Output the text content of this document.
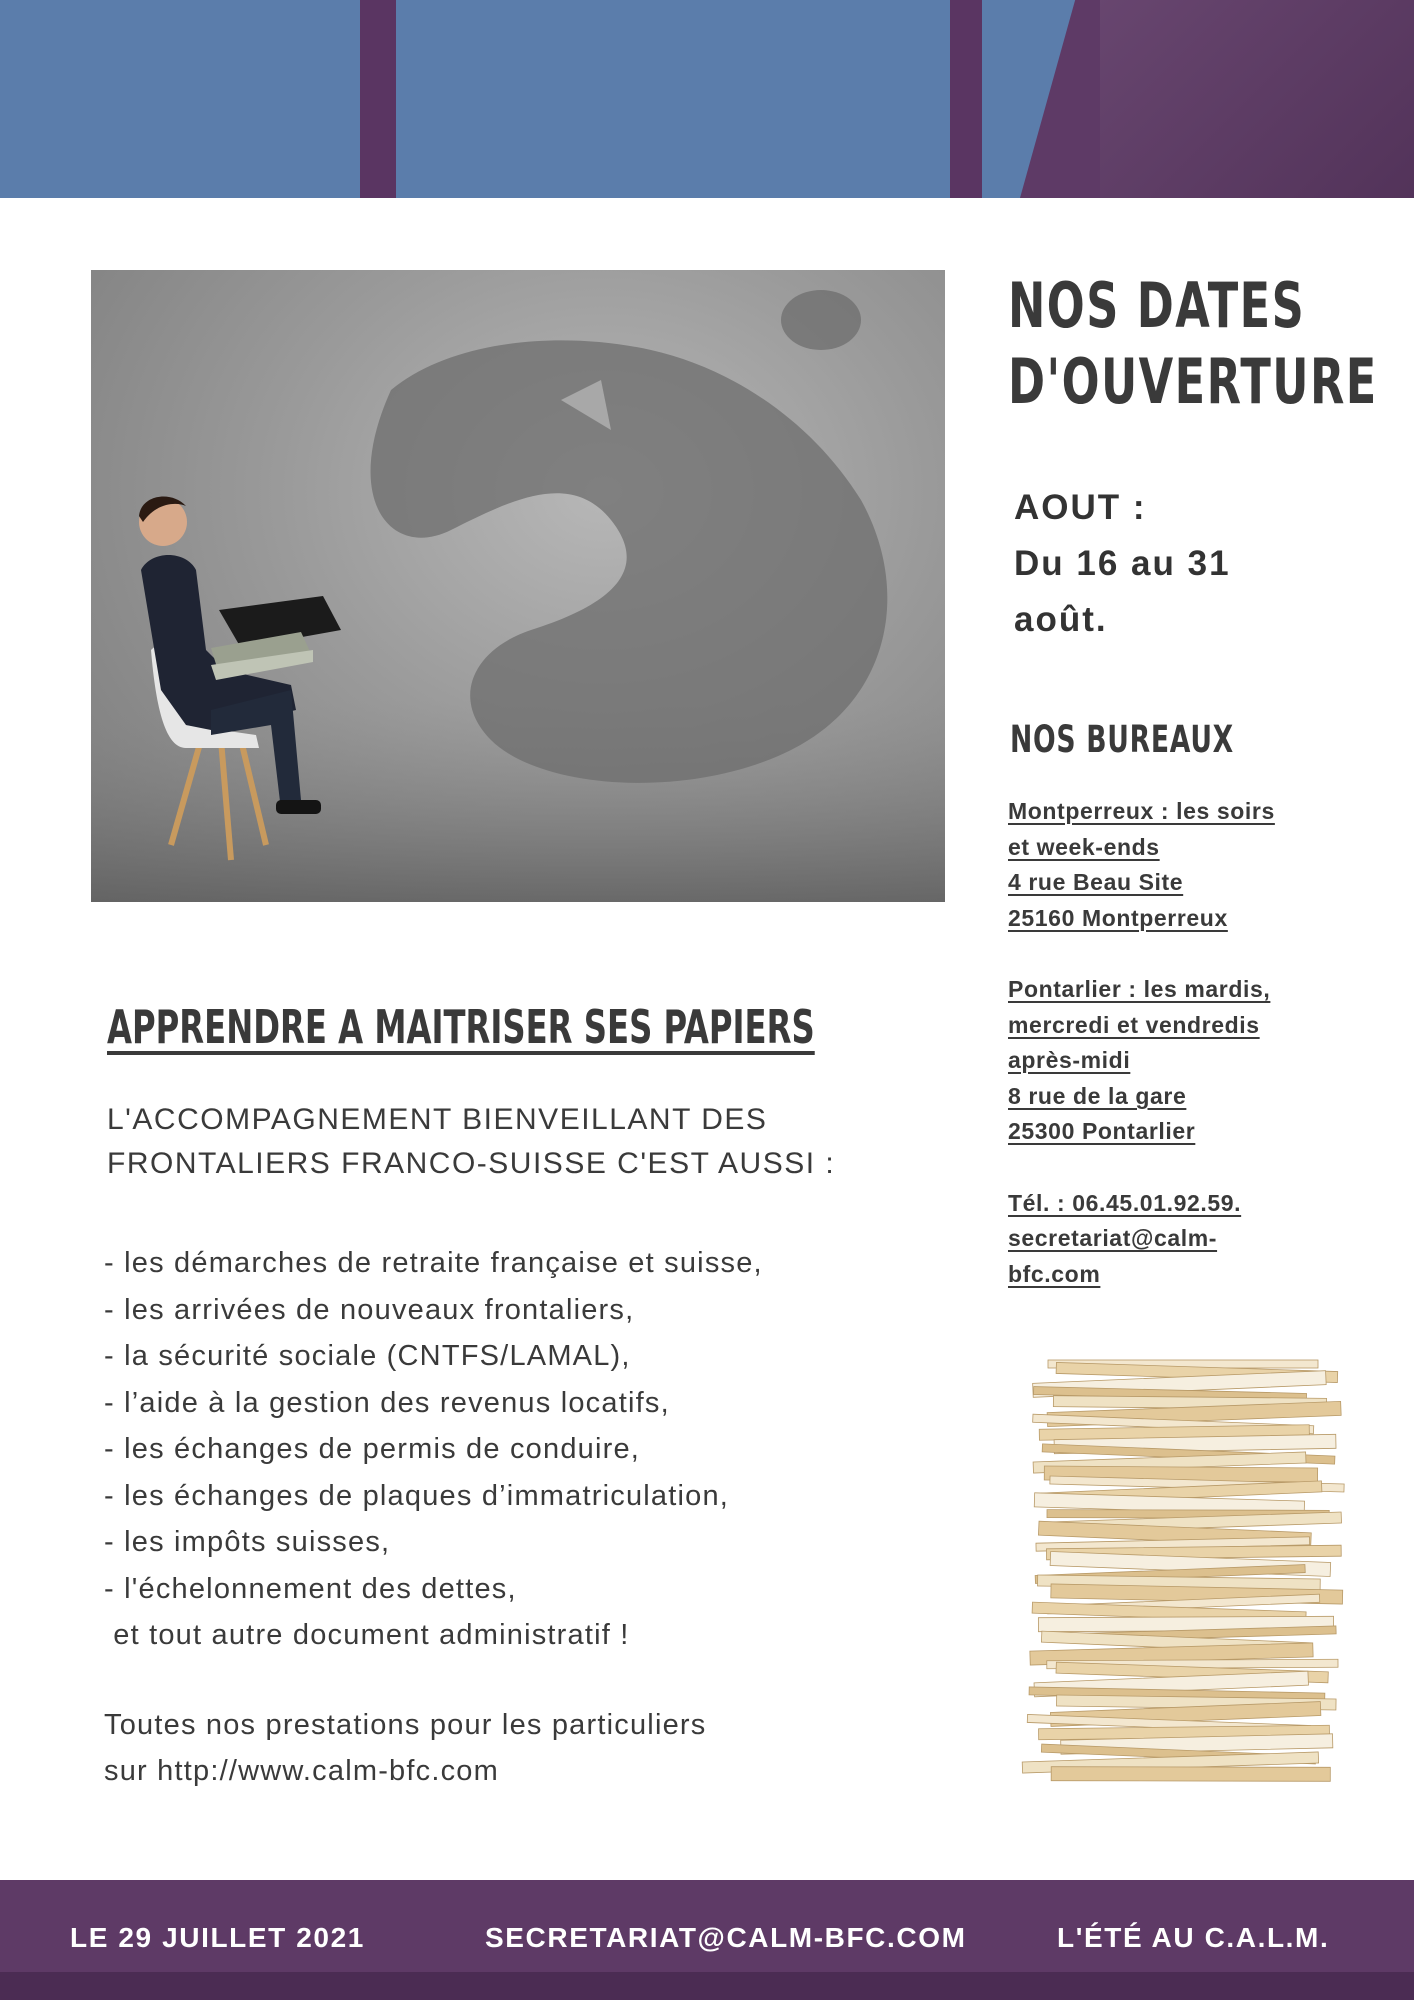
APPRENDRE A MAITRISER SES PAPIERS
L'ACCOMPAGNEMENT BIENVEILLANT DES
FRONTALIERS FRANCO-SUISSE C'EST AUSSI :
- les démarches de retraite française et suisse,
- les arrivées de nouveaux frontaliers,
- la sécurité sociale (CNTFS/LAMAL),
- l’aide à la gestion des revenus locatifs,
- les échanges de permis de conduire,
- les échanges de plaques d’immatriculation,
- les impôts suisses,
- l'échelonnement des dettes,
et tout autre document administratif !
Toutes nos prestations pour les particuliers
sur http://www.calm-bfc.com
NOS DATES
D'OUVERTURE
AOUT :
Du 16 au 31
août.
NOS BUREAUX
Montperreux : les soirs
et week-ends
4 rue Beau Site
25160 Montperreux
Pontarlier : les mardis,
mercredi et vendredis
après-midi
8 rue de la gare
25300 Pontarlier
Tél. : 06.45.01.92.59.
secretariat@calm-
bfc.com
LE 29 JUILLET 2021	SECRETARIAT@CALM-BFC.COM	L'ÉTÉ AU C.A.L.M.
